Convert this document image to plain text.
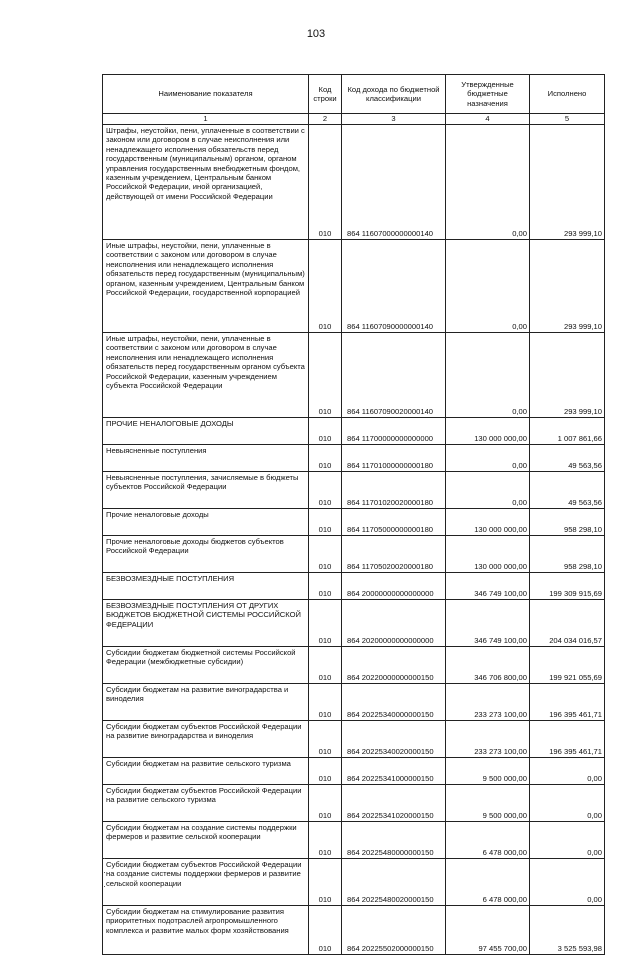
103
Наименование показателя	Код строки	Код дохода по бюджетной классификации	Утвержденные бюджетные назначения	Исполнено
1	2	3	4	5
Штрафы, неустойки, пени, уплаченные в соответствии с законом или договором в случае неисполнения или ненадлежащего исполнения обязательств перед государственным (муниципальным) органом, органом управления государственным внебюджетным фондом, казенным учреждением, Центральным банком Российской Федерации, иной организацией, действующей от имени Российской Федерации				
	010	864 11607000000000140	0,00	293 999,10
Иные штрафы, неустойки, пени, уплаченные в соответствии с законом или договором в случае неисполнения или ненадлежащего исполнения обязательств перед государственным (муниципальным) органом, казенным учреждением, Центральным банком Российской Федерации, государственной корпорацией				
	010	864 11607090000000140	0,00	293 999,10
Иные штрафы, неустойки, пени, уплаченные в соответствии с законом или договором в случае неисполнения или ненадлежащего исполнения обязательств перед государственным органом субъекта Российской Федерации, казенным учреждением субъекта Российской Федерации				
	010	864 11607090020000140	0,00	293 999,10
ПРОЧИЕ НЕНАЛОГОВЫЕ ДОХОДЫ				
	010	864 11700000000000000	130 000 000,00	1 007 861,66
Невыясненные поступления				
	010	864 11701000000000180	0,00	49 563,56
Невыясненные поступления, зачисляемые в бюджеты субъектов Российской Федерации				
	010	864 11701020020000180	0,00	49 563,56
Прочие неналоговые доходы				
	010	864 11705000000000180	130 000 000,00	958 298,10
Прочие неналоговые доходы бюджетов субъектов Российской Федерации				
	010	864 11705020020000180	130 000 000,00	958 298,10
БЕЗВОЗМЕЗДНЫЕ ПОСТУПЛЕНИЯ				
	010	864 20000000000000000	346 749 100,00	199 309 915,69
БЕЗВОЗМЕЗДНЫЕ ПОСТУПЛЕНИЯ ОТ ДРУГИХ БЮДЖЕТОВ БЮДЖЕТНОЙ СИСТЕМЫ РОССИЙСКОЙ ФЕДЕРАЦИИ				
	010	864 20200000000000000	346 749 100,00	204 034 016,57
Субсидии бюджетам бюджетной системы Российской Федерации (межбюджетные субсидии)				
	010	864 20220000000000150	346 706 800,00	199 921 055,69
Субсидии бюджетам на развитие виноградарства и виноделия				
	010	864 20225340000000150	233 273 100,00	196 395 461,71
Субсидии бюджетам субъектов Российской Федерации на развитие виноградарства и виноделия				
	010	864 20225340020000150	233 273 100,00	196 395 461,71
Субсидии бюджетам на развитие сельского туризма				
	010	864 20225341000000150	9 500 000,00	0,00
Субсидии бюджетам субъектов Российской Федерации на развитие сельского туризма				
	010	864 20225341020000150	9 500 000,00	0,00
Субсидии бюджетам на создание системы поддержки фермеров и развитие сельской кооперации				
	010	864 20225480000000150	6 478 000,00	0,00
Субсидии бюджетам субъектов Российской Федерации на создание системы поддержки фермеров и развитие сельской кооперации				
	010	864 20225480020000150	6 478 000,00	0,00
Субсидии бюджетам на стимулирование развития приоритетных подотраслей агропромышленного комплекса и развитие малых форм хозяйствования				
	010	864 20225502000000150	97 455 700,00	3 525 593,98
